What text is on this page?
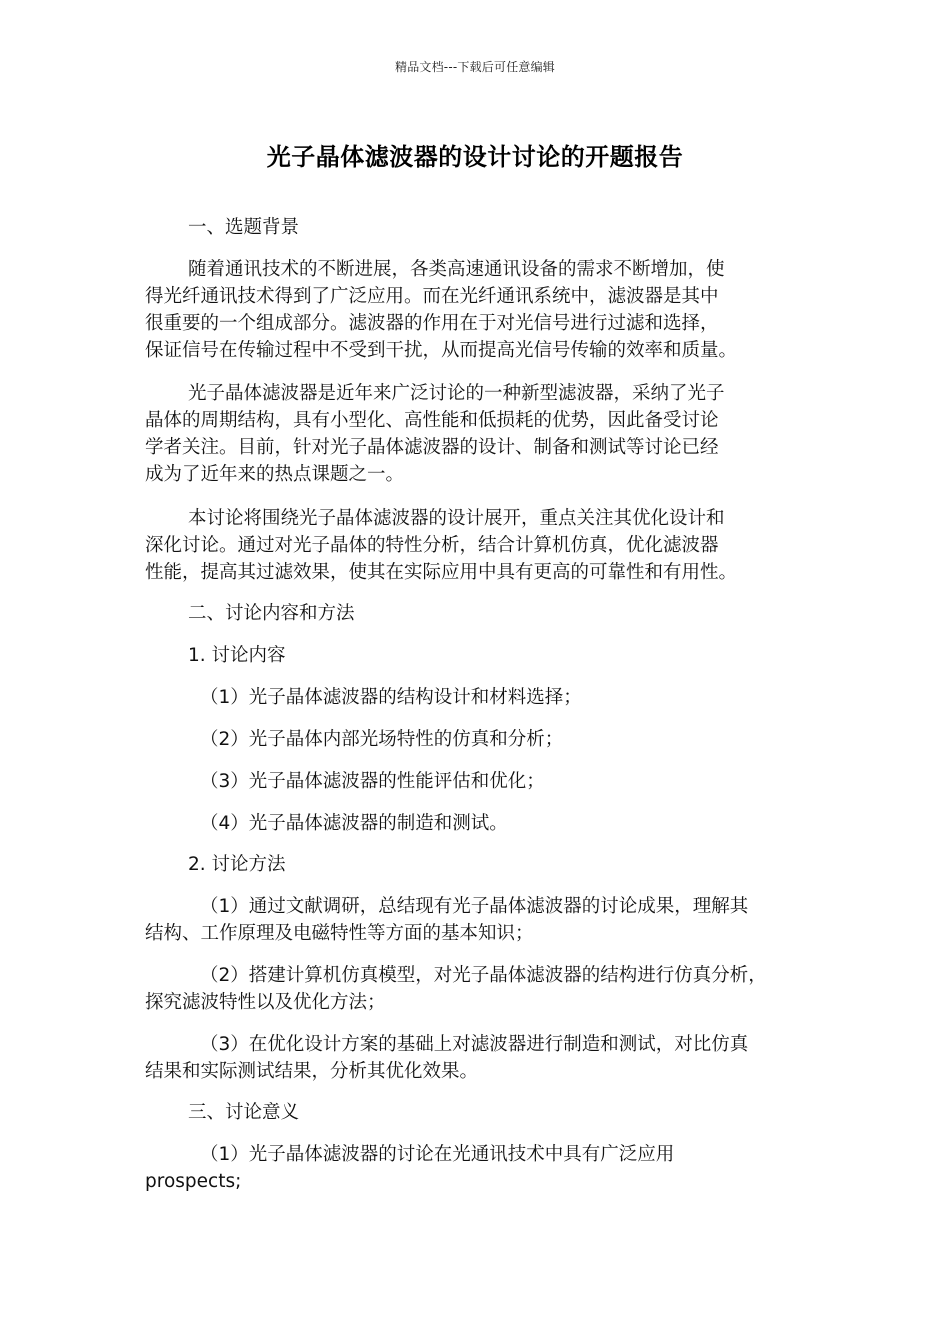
精品文档---下载后可任意编辑
光子晶体滤波器的设计讨论的开题报告

一、选题背景

随着通讯技术的不断进展，各类高速通讯设备的需求不断增加，使

得光纤通讯技术得到了广泛应用。而在光纤通讯系统中，滤波器是其中

很重要的一个组成部分。滤波器的作用在于对光信号进行过滤和选择，

保证信号在传输过程中不受到干扰，从而提高光信号传输的效率和质量。

光子晶体滤波器是近年来广泛讨论的一种新型滤波器，采纳了光子

晶体的周期结构，具有小型化、高性能和低损耗的优势，因此备受讨论

学者关注。目前，针对光子晶体滤波器的设计、制备和测试等讨论已经

成为了近年来的热点课题之一。

本讨论将围绕光子晶体滤波器的设计展开，重点关注其优化设计和

深化讨论。通过对光子晶体的特性分析，结合计算机仿真，优化滤波器

性能，提高其过滤效果，使其在实际应用中具有更高的可靠性和有用性。

二、讨论内容和方法

1. 讨论内容

（1）光子晶体滤波器的结构设计和材料选择；

（2）光子晶体内部光场特性的仿真和分析；

（3）光子晶体滤波器的性能评估和优化；

（4）光子晶体滤波器的制造和测试。

2. 讨论方法

（1）通过文献调研，总结现有光子晶体滤波器的讨论成果，理解其

结构、工作原理及电磁特性等方面的基本知识；

（2）搭建计算机仿真模型，对光子晶体滤波器的结构进行仿真分析，

探究滤波特性以及优化方法；

（3）在优化设计方案的基础上对滤波器进行制造和测试，对比仿真

结果和实际测试结果，分析其优化效果。

三、讨论意义

（1）光子晶体滤波器的讨论在光通讯技术中具有广泛应用

prospects;
